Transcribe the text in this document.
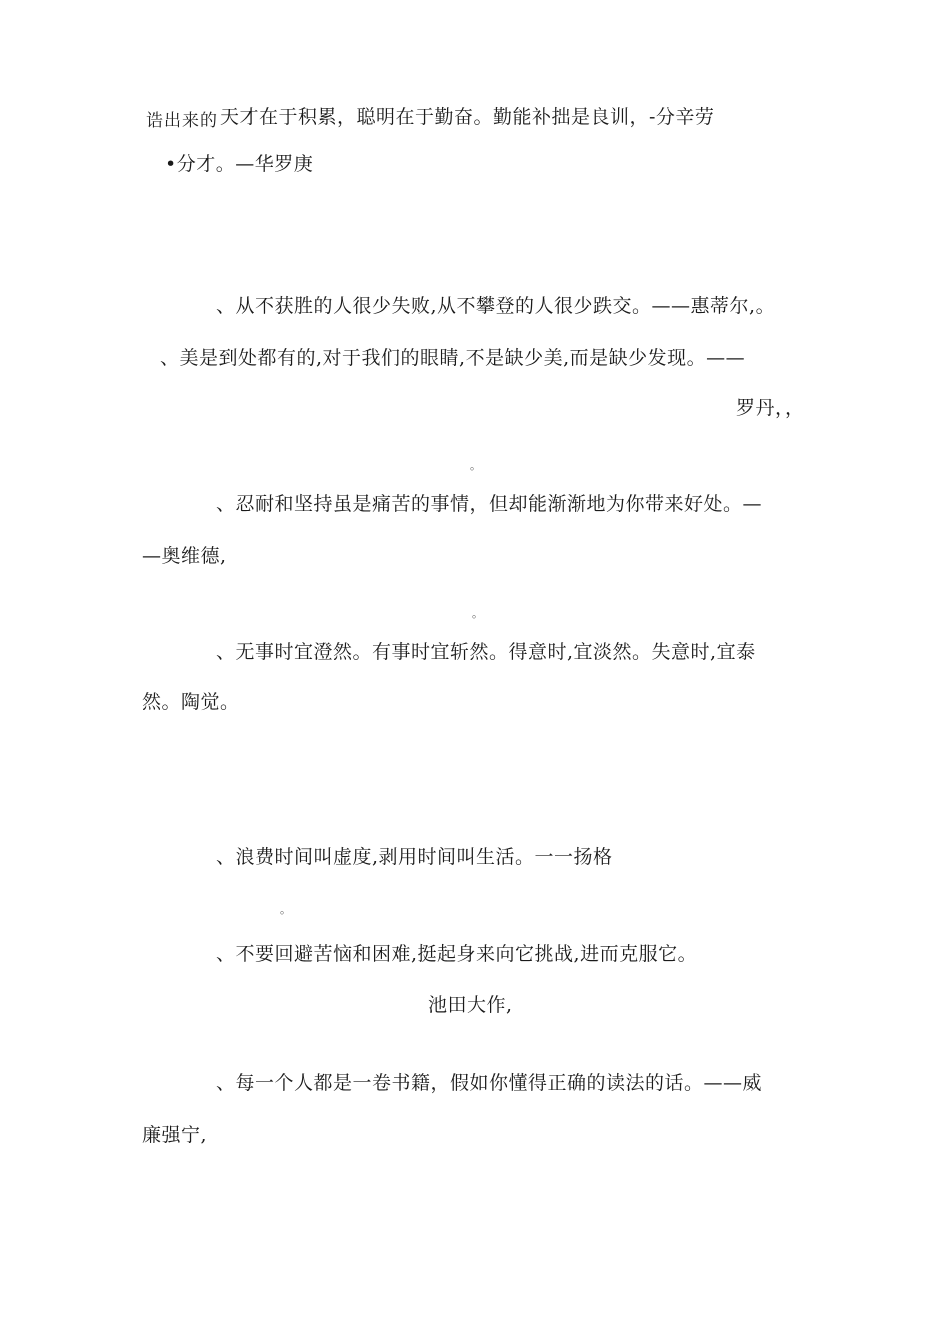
诰出来的 天才在于积累，聪明在于勤奋。勤能补拙是良训，-分辛劳
•分才。—华罗庚
、从不获胜的人很少失败,从不攀登的人很少跌交。——惠蒂尔,。
、美是到处都有的,对于我们的眼睛,不是缺少美,而是缺少发现。——
罗丹，，
。
、忍耐和坚持虽是痛苦的事情，但却能渐渐地为你带来好处。—
—奥维德,
。
、无事时宜澄然。有事时宜斩然。得意时,宜淡然。失意时,宜泰
然。陶觉。
、浪费时间叫虚度,剥用时间叫生活。一一扬格
。
、不要回避苦恼和困难,挺起身来向它挑战,进而克服它。
池田大作,
、每一个人都是一卷书籍，假如你懂得正确的读法的话。——威
廉强宁,
